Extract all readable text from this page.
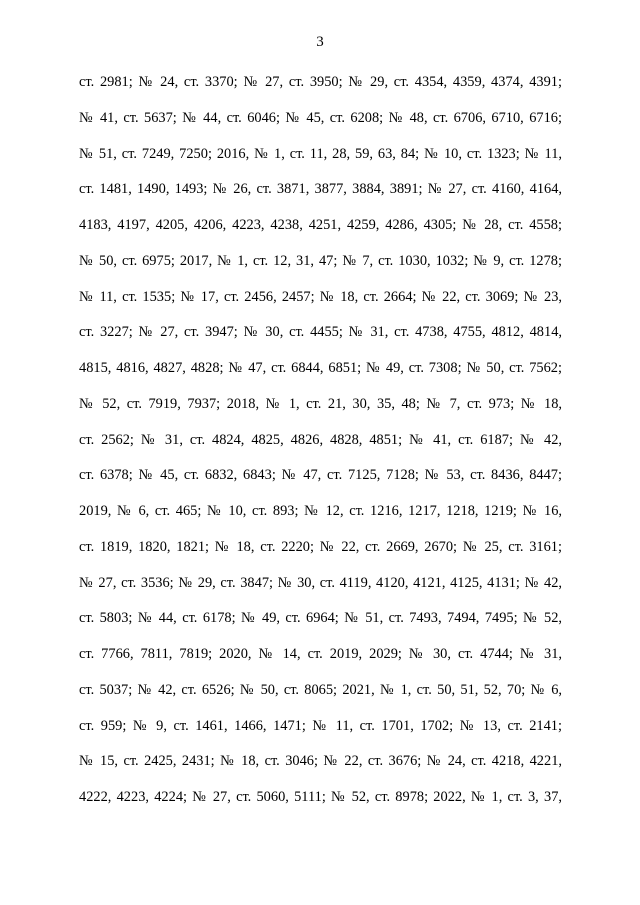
3
ст. 2981; № 24, ст. 3370; № 27, ст. 3950; № 29, ст. 4354, 4359, 4374, 4391;
№ 41, ст. 5637; № 44, ст. 6046; № 45, ст. 6208; № 48, ст. 6706, 6710, 6716;
№ 51, ст. 7249, 7250; 2016, № 1, ст. 11, 28, 59, 63, 84; № 10, ст. 1323; № 11,
ст. 1481, 1490, 1493; № 26, ст. 3871, 3877, 3884, 3891; № 27, ст. 4160, 4164,
4183, 4197, 4205, 4206, 4223, 4238, 4251, 4259, 4286, 4305; № 28, ст. 4558;
№ 50, ст. 6975; 2017, № 1, ст. 12, 31, 47; № 7, ст. 1030, 1032; № 9, ст. 1278;
№ 11, ст. 1535; № 17, ст. 2456, 2457; № 18, ст. 2664; № 22, ст. 3069; № 23,
ст. 3227; № 27, ст. 3947; № 30, ст. 4455; № 31, ст. 4738, 4755, 4812, 4814,
4815, 4816, 4827, 4828; № 47, ст. 6844, 6851; № 49, ст. 7308; № 50, ст. 7562;
№ 52, ст. 7919, 7937; 2018, № 1, ст. 21, 30, 35, 48; № 7, ст. 973; № 18,
ст. 2562; № 31, ст. 4824, 4825, 4826, 4828, 4851; № 41, ст. 6187; № 42,
ст. 6378; № 45, ст. 6832, 6843; № 47, ст. 7125, 7128; № 53, ст. 8436, 8447;
2019, № 6, ст. 465; № 10, ст. 893; № 12, ст. 1216, 1217, 1218, 1219; № 16,
ст. 1819, 1820, 1821; № 18, ст. 2220; № 22, ст. 2669, 2670; № 25, ст. 3161;
№ 27, ст. 3536; № 29, ст. 3847; № 30, ст. 4119, 4120, 4121, 4125, 4131; № 42,
ст. 5803; № 44, ст. 6178; № 49, ст. 6964; № 51, ст. 7493, 7494, 7495; № 52,
ст. 7766, 7811, 7819; 2020, № 14, ст. 2019, 2029; № 30, ст. 4744; № 31,
ст. 5037; № 42, ст. 6526; № 50, ст. 8065; 2021, № 1, ст. 50, 51, 52, 70; № 6,
ст. 959; № 9, ст. 1461, 1466, 1471; № 11, ст. 1701, 1702; № 13, ст. 2141;
№ 15, ст. 2425, 2431; № 18, ст. 3046; № 22, ст. 3676; № 24, ст. 4218, 4221,
4222, 4223, 4224; № 27, ст. 5060, 5111; № 52, ст. 8978; 2022, № 1, ст. 3, 37,
